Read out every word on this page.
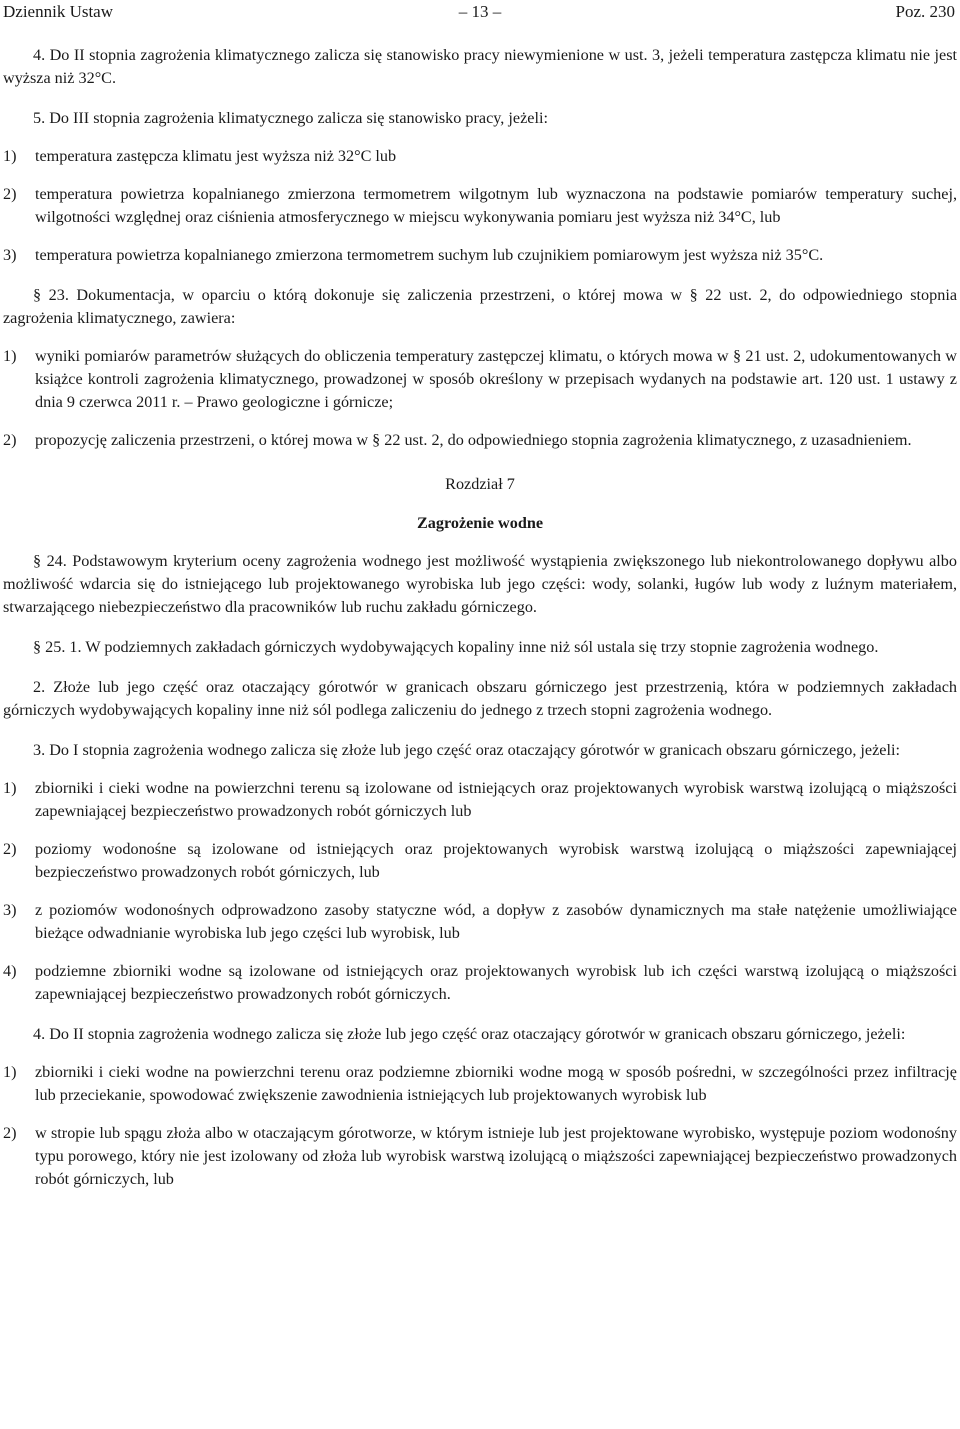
Dziennik Ustaw	– 13 –	Poz. 230

4. Do II stopnia zagrożenia klimatycznego zalicza się stanowisko pracy niewymienione w ust. 3, jeżeli temperatura zastępcza klimatu nie jest wyższa niż 32°C.

5. Do III stopnia zagrożenia klimatycznego zalicza się stanowisko pracy, jeżeli:

1) temperatura zastępcza klimatu jest wyższa niż 32°C lub
2) temperatura powietrza kopalnianego zmierzona termometrem wilgotnym lub wyznaczona na podstawie pomiarów temperatury suchej, wilgotności względnej oraz ciśnienia atmosferycznego w miejscu wykonywania pomiaru jest wyższa niż 34°C, lub
3) temperatura powietrza kopalnianego zmierzona termometrem suchym lub czujnikiem pomiarowym jest wyższa niż 35°C.

§ 23. Dokumentacja, w oparciu o którą dokonuje się zaliczenia przestrzeni, o której mowa w § 22 ust. 2, do odpowiedniego stopnia zagrożenia klimatycznego, zawiera:

1) wyniki pomiarów parametrów służących do obliczenia temperatury zastępczej klimatu, o których mowa w § 21 ust. 2, udokumentowanych w książce kontroli zagrożenia klimatycznego, prowadzonej w sposób określony w przepisach wydanych na podstawie art. 120 ust. 1 ustawy z dnia 9 czerwca 2011 r. – Prawo geologiczne i górnicze;
2) propozycję zaliczenia przestrzeni, o której mowa w § 22 ust. 2, do odpowiedniego stopnia zagrożenia klimatycznego, z uzasadnieniem.

Rozdział 7

Zagrożenie wodne

§ 24. Podstawowym kryterium oceny zagrożenia wodnego jest możliwość wystąpienia zwiększonego lub niekontrolowanego dopływu albo możliwość wdarcia się do istniejącego lub projektowanego wyrobiska lub jego części: wody, solanki, ługów lub wody z luźnym materiałem, stwarzającego niebezpieczeństwo dla pracowników lub ruchu zakładu górniczego.

§ 25. 1. W podziemnych zakładach górniczych wydobywających kopaliny inne niż sól ustala się trzy stopnie zagrożenia wodnego.

2. Złoże lub jego część oraz otaczający górotwór w granicach obszaru górniczego jest przestrzenią, która w podziemnych zakładach górniczych wydobywających kopaliny inne niż sól podlega zaliczeniu do jednego z trzech stopni zagrożenia wodnego.

3. Do I stopnia zagrożenia wodnego zalicza się złoże lub jego część oraz otaczający górotwór w granicach obszaru górniczego, jeżeli:

1) zbiorniki i cieki wodne na powierzchni terenu są izolowane od istniejących oraz projektowanych wyrobisk warstwą izolującą o miąższości zapewniającej bezpieczeństwo prowadzonych robót górniczych lub
2) poziomy wodonośne są izolowane od istniejących oraz projektowanych wyrobisk warstwą izolującą o miąższości zapewniającej bezpieczeństwo prowadzonych robót górniczych, lub
3) z poziomów wodonośnych odprowadzono zasoby statyczne wód, a dopływ z zasobów dynamicznych ma stałe natężenie umożliwiające bieżące odwadnianie wyrobiska lub jego części lub wyrobisk, lub
4) podziemne zbiorniki wodne są izolowane od istniejących oraz projektowanych wyrobisk lub ich części warstwą izolującą o miąższości zapewniającej bezpieczeństwo prowadzonych robót górniczych.

4. Do II stopnia zagrożenia wodnego zalicza się złoże lub jego część oraz otaczający górotwór w granicach obszaru górniczego, jeżeli:

1) zbiorniki i cieki wodne na powierzchni terenu oraz podziemne zbiorniki wodne mogą w sposób pośredni, w szczególności przez infiltrację lub przeciekanie, spowodować zwiększenie zawodnienia istniejących lub projektowanych wyrobisk lub
2) w stropie lub spągu złoża albo w otaczającym górotworze, w którym istnieje lub jest projektowane wyrobisko, występuje poziom wodonośny typu porowego, który nie jest izolowany od złoża lub wyrobisk warstwą izolującą o miąższości zapewniającej bezpieczeństwo prowadzonych robót górniczych, lub
